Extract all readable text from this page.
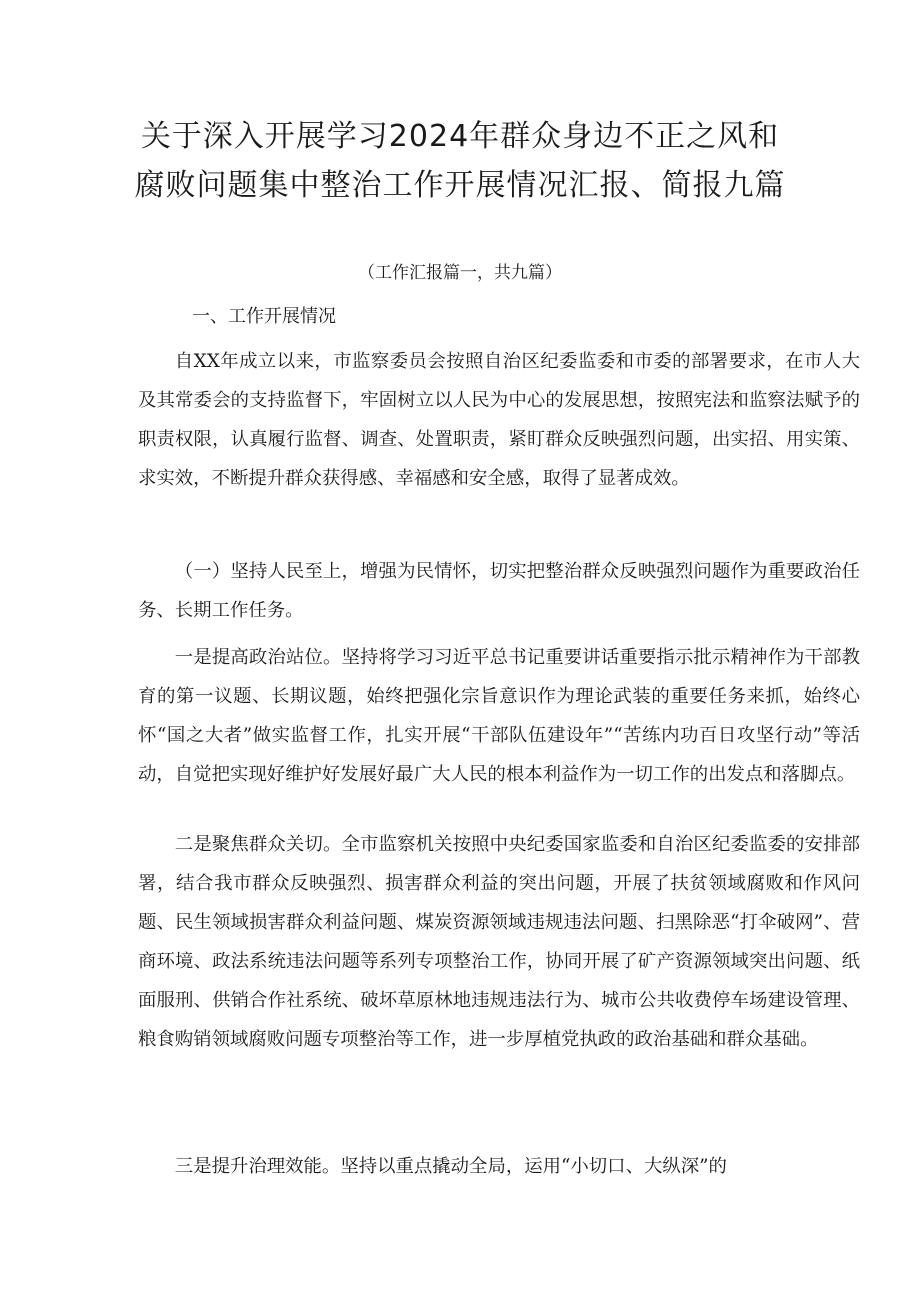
关于深入开展学习2024年群众身边不正之风和
腐败问题集中整治工作开展情况汇报、简报九篇
（工作汇报篇一，共九篇）
一、工作开展情况

自XX年成立以来，市监察委员会按照自治区纪委监委和市委的部署要求，在市人大及其常委会的支持监督下，牢固树立以人民为中心的发展思想，按照宪法和监察法赋予的职责权限，认真履行监督、调查、处置职责，紧盯群众反映强烈问题，出实招、用实策、求实效，不断提升群众获得感、幸福感和安全感，取得了显著成效。

（一）坚持人民至上，增强为民情怀，切实把整治群众反映强烈问题作为重要政治任务、长期工作任务。

一是提高政治站位。坚持将学习习近平总书记重要讲话重要指示批示精神作为干部教育的第一议题、长期议题，始终把强化宗旨意识作为理论武装的重要任务来抓，始终心怀“国之大者”做实监督工作，扎实开展“干部队伍建设年”“苦练内功百日攻坚行动”等活动，自觉把实现好维护好发展好最广大人民的根本利益作为一切工作的出发点和落脚点。

二是聚焦群众关切。全市监察机关按照中央纪委国家监委和自治区纪委监委的安排部署，结合我市群众反映强烈、损害群众利益的突出问题，开展了扶贫领域腐败和作风问题、民生领域损害群众利益问题、煤炭资源领域违规违法问题、扫黑除恶“打伞破网”、营商环境、政法系统违法问题等系列专项整治工作，协同开展了矿产资源领域突出问题、纸面服刑、供销合作社系统、破坏草原林地违规违法行为、城市公共收费停车场建设管理、粮食购销领域腐败问题专项整治等工作，进一步厚植党执政的政治基础和群众基础。

三是提升治理效能。坚持以重点撬动全局，运用“小切口、大纵深”的
